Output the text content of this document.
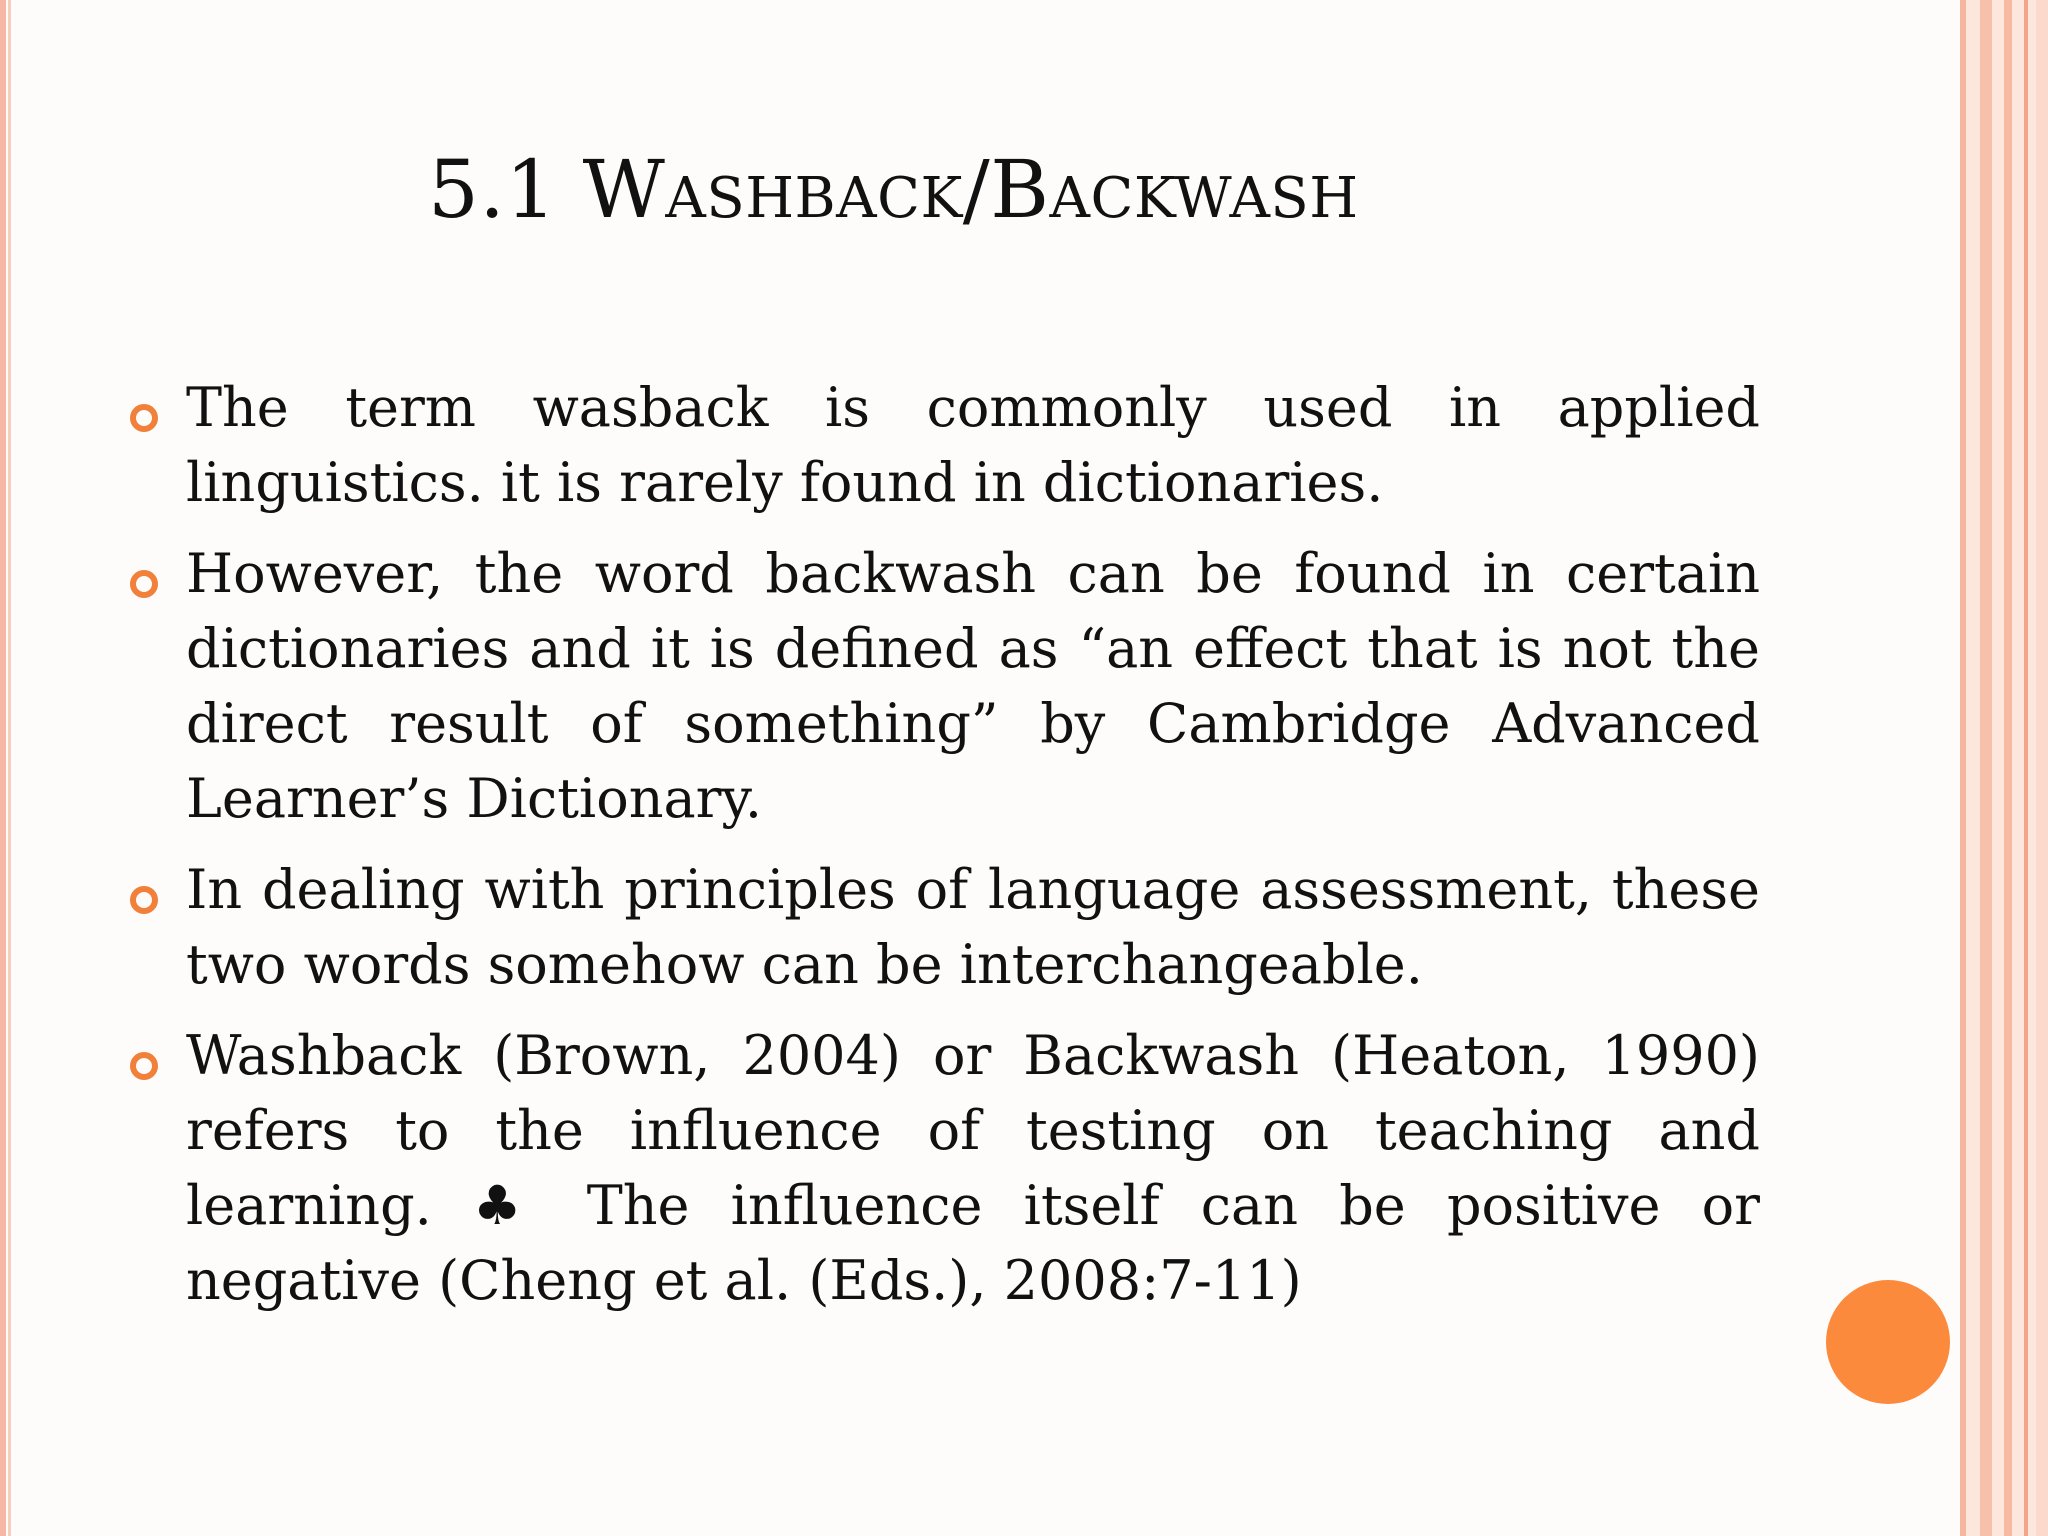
5.1 Washback/Backwash
The term wasback is commonly used in applied linguistics. it is rarely found in dictionaries.
However, the word backwash can be found in certain dictionaries and it is defined as “an effect that is not the direct result of something” by Cambridge Advanced Learner’s Dictionary.
In dealing with principles of language assessment, these two words somehow can be interchangeable.
Washback (Brown, 2004) or Backwash (Heaton, 1990) refers to the influence of testing on teaching and learning. ♣ The influence itself can be positive or negative (Cheng et al. (Eds.), 2008:7-11)
